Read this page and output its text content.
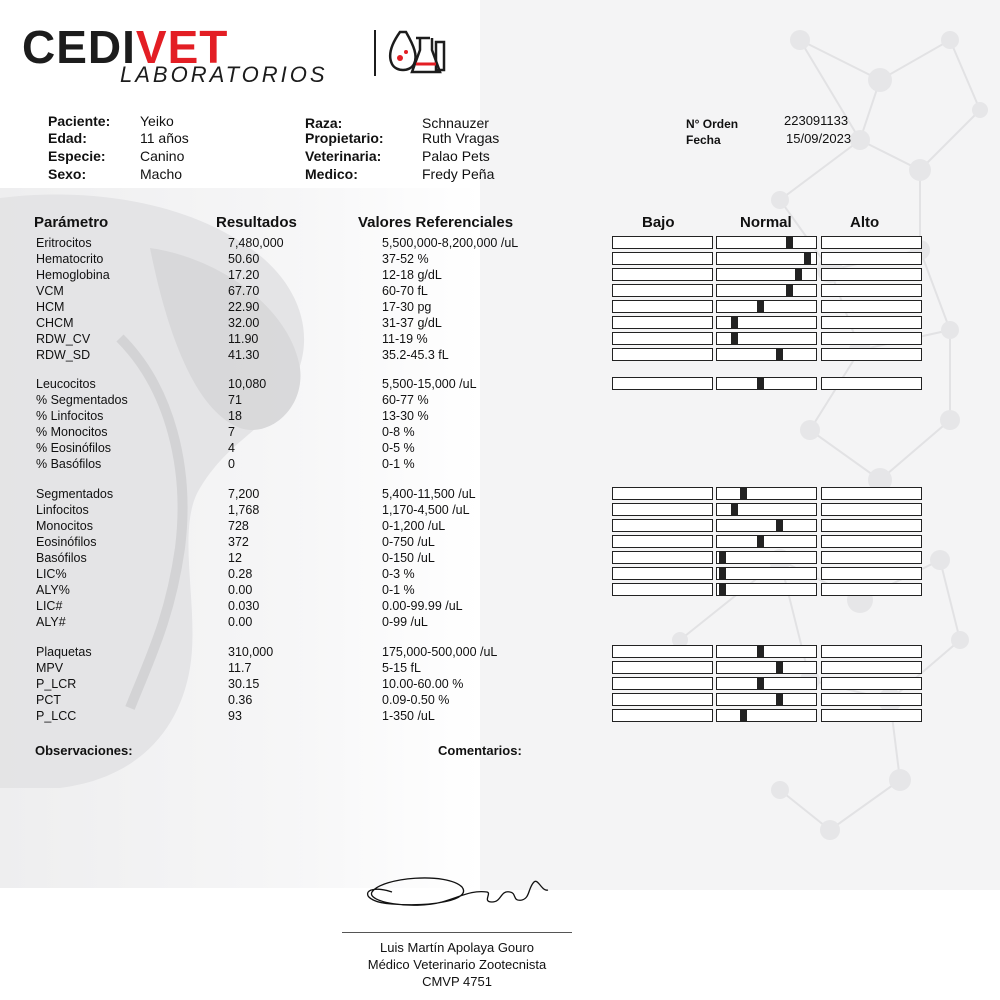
CEDIVET
LABORATORIOS
Paciente: Yeiko
Edad:	11 años
Especie: Canino
Sexo:	Macho
Raza:	Schnauzer
Propietario:	Ruth Vragas
Veterinaria:	Palao Pets
Medico:	Fredy Peña
N° Orden	223091133
Fecha	15/09/2023
Parámetro	Resultados	Valores Referenciales	Bajo	Normal	Alto
Eritrocitos	7,480,000	5,500,000-8,200,000 /uL
Hematocrito	50.60	37-52 %
Hemoglobina	17.20	12-18 g/dL
VCM	67.70	60-70 fL
HCM	22.90	17-30 pg
CHCM	32.00	31-37 g/dL
RDW_CV	11.90	11-19 %
RDW_SD	41.30	35.2-45.3 fL
Leucocitos	10,080	5,500-15,000 /uL
% Segmentados	71	60-77 %
% Linfocitos	18	13-30 %
% Monocitos	7	0-8 %
% Eosinófilos	4	0-5 %
% Basófilos	0	0-1 %
Segmentados	7,200	5,400-11,500 /uL
Linfocitos	1,768	1,170-4,500 /uL
Monocitos	728	0-1,200 /uL
Eosinófilos	372	0-750 /uL
Basófilos	12	0-150 /uL
LIC%	0.28	0-3 %
ALY%	0.00	0-1 %
LIC#	0.030	0.00-99.99 /uL
ALY#	0.00	0-99 /uL
Plaquetas	310,000	175,000-500,000 /uL
MPV	11.7	5-15 fL
P_LCR	30.15	10.00-60.00 %
PCT	0.36	0.09-0.50 %
P_LCC	93	1-350 /uL
Observaciones:	Comentarios:
Luis Martín Apolaya Gouro
Médico Veterinario Zootecnista
CMVP 4751
